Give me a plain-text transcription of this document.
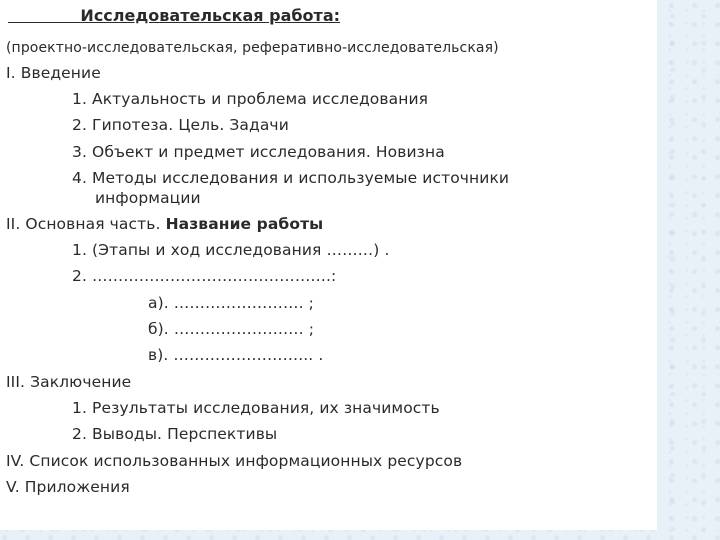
Исследовательская работа:
(проектно-исследовательская, реферативно-исследовательская)
I. Введение
1. Актуальность и проблема исследования
2. Гипотеза. Цель. Задачи
3. Объект и предмет исследования. Новизна
4. Методы исследования и используемые источники
информации
II. Основная часть. Название работы
1. (Этапы и ход исследования ………) .
2. ……………………………………….:
а). ……………………. ;
б). ……………………. ;
в). ……………………... .
III. Заключение
1. Результаты исследования, их значимость
2. Выводы. Перспективы
IV. Список использованных информационных ресурсов
V. Приложения
